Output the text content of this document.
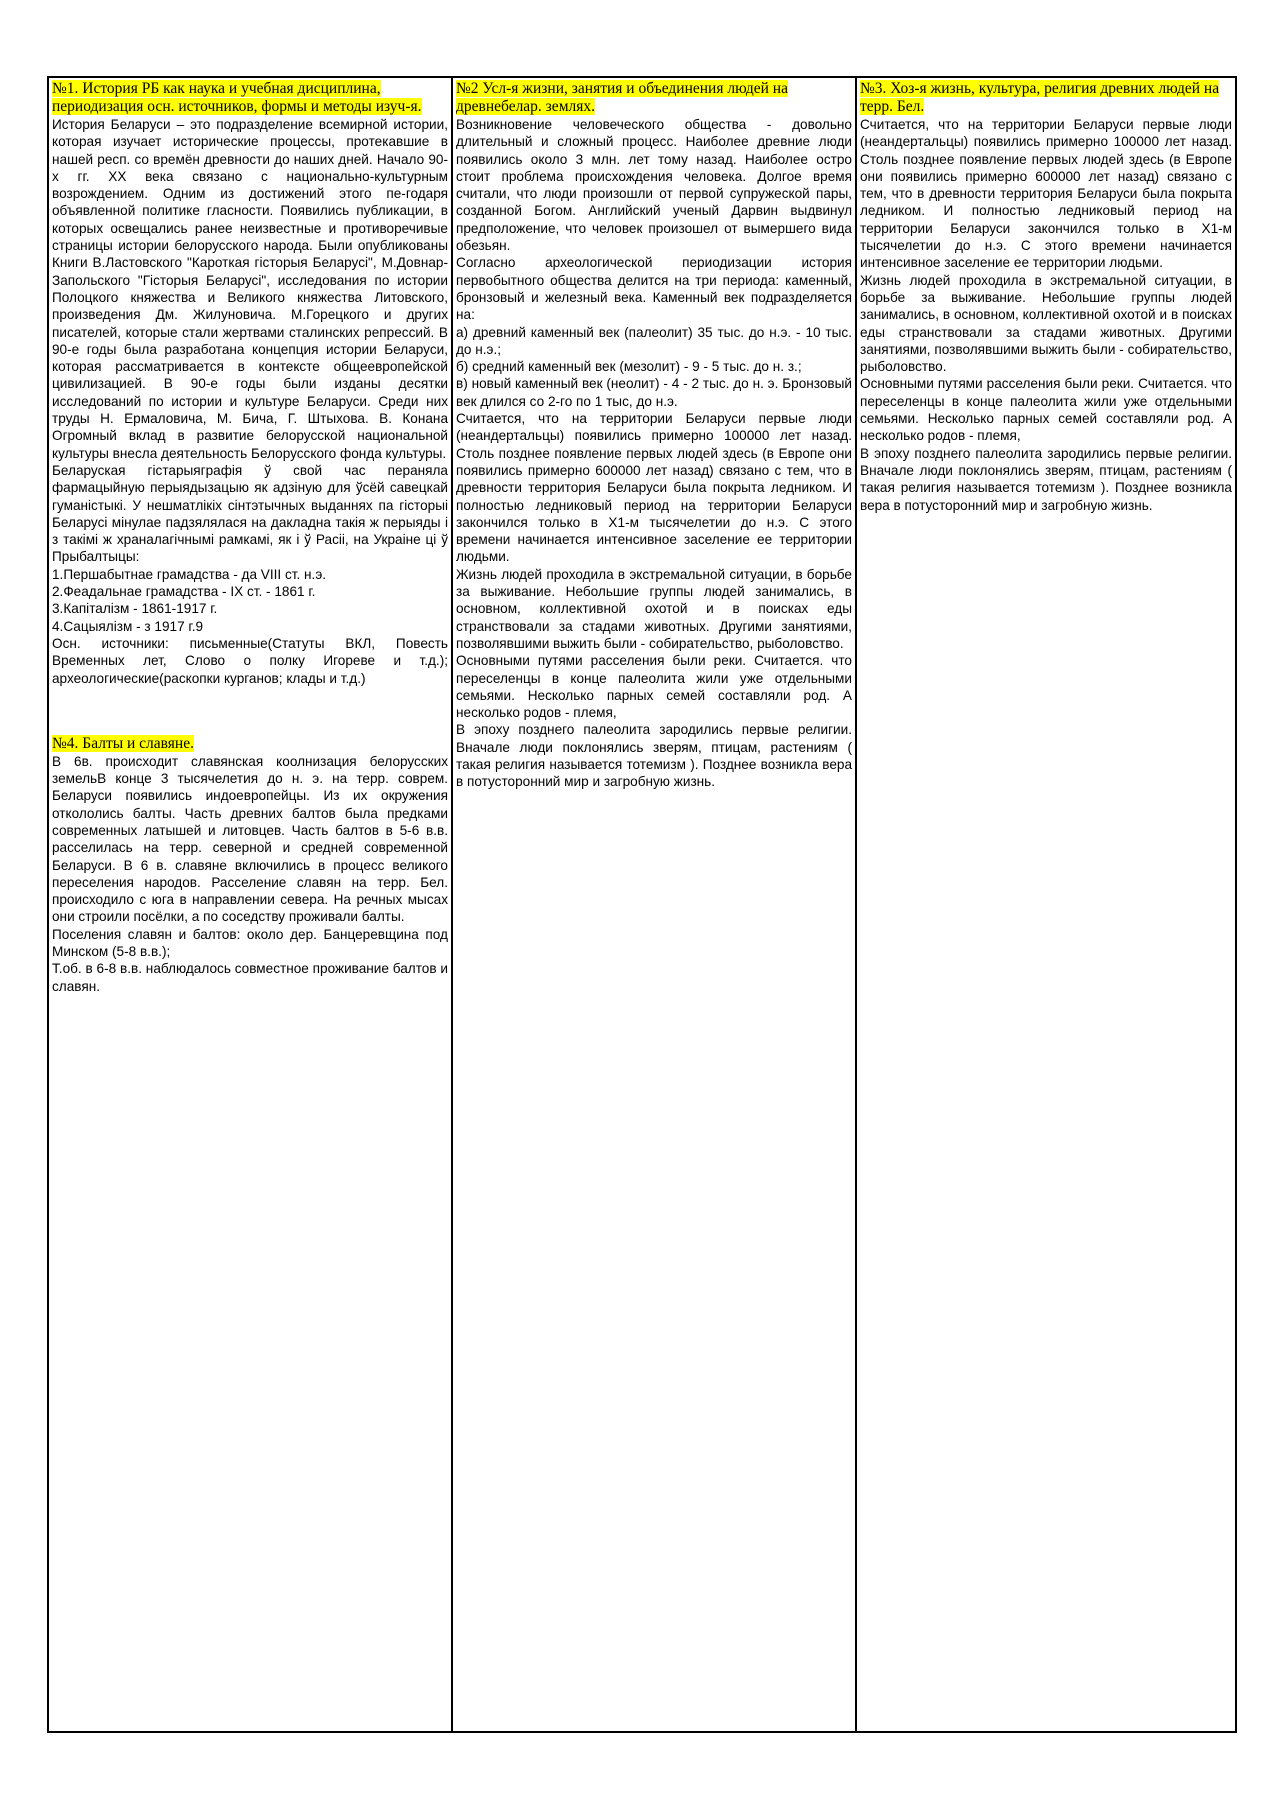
№1. История РБ как наука и учебная дисциплина, периодизация осн. источников, формы и методы изуч-я.

История Беларуси – это подразделение всемирной истории, которая изучает исторические процессы, протекавшие в нашей респ. со времён древности до наших дней. Начало 90-х гг. XX века связано с национально-культурным возрождением. Одним из достижений этого пе-годаря объявленной политике гласности. Появились публикации, в которых освещались ранее неизвестные и противоречивые страницы истории белорусского народа. Были опубликованы Книги В.Ластовского "Кароткая гісторыя Беларусі", М.Довнар-Запольского "Гісторыя Беларусі", исследования по истории Полоцкого княжества и Великого княжества Литовского, произведения Дм. Жилуновича. М.Горецкого и других писателей, которые стали жертвами сталинских репрессий. В 90-е годы была разработана концепция истории Беларуси, которая рассматривается в контексте общеевропейской цивилизацией. В 90-е годы были изданы десятки исследований по истории и культуре Беларуси. Среди них труды Н. Ермаловича, М. Бича, Г. Штыхова. В. Конана Огромный вклад в развитие белорусской национальной культуры внесла деятельность Белорусского фонда культуры.

Беларуская гістарыяграфія ў свой час пераняла фармацыйную перыядызацыю як адзіную для ўсёй савецкай гуманістыкі. У нешматлікіх сінтэтычных выданнях па гісторыі Беларусі мінулае падзялялася на дакладна такія ж перыяды і з такімі ж храналагічнымі рамкамі, як і ў Расіі, на Украіне ці ў Прыбалтыцы:

1.Першабытнае грамадства - да VIII ст. н.э.

2.Феадальнае грамадства - IX ст. - 1861 г.

3.Капіталізм - 1861-1917 г.

4.Сацыялізм - з 1917 г.9

Осн. источники: письменные(Статуты ВКЛ, Повесть Временных лет, Слово о полку Игореве и т.д.); археологические(раскопки курганов; клады и т.д.)

№4. Балты и славяне.

В 6в. происходит славянская коолнизация белорусских земельВ конце 3 тысячелетия до н. э. на терр. соврем. Беларуси появились индоевропейцы. Из их окружения откололись балты. Часть древних балтов была предками современных латышей и литовцев. Часть балтов в 5-6 в.в. расселилась на терр. северной и средней современной Беларуси. В 6 в. славяне включились в процесс великого переселения народов. Расселение славян на терр. Бел. происходило с юга в направлении севера. На речных мысах они строили посёлки, а по соседству проживали балты.

Поселения славян и балтов: около дер. Банцеревщина под Минском (5-8 в.в.);

Т.об. в 6-8 в.в. наблюдалось совместное проживание балтов и славян.

№2 Усл-я жизни, занятия и объединения людей на древнебелар. землях.

Возникновение человеческого общества - довольно длительный и сложный процесс. Наиболее древние люди появились около 3 млн. лет тому назад. Наиболее остро стоит проблема происхождения человека. Долгое время считали, что люди произошли от первой супружеской пары, созданной Богом. Английский ученый Дарвин выдвинул предположение, что человек произошел от вымершего вида обезьян.

Согласно археологической периодизации история первобытного общества делится на три периода: каменный, бронзовый и железный века. Каменный век подразделяется на:

а) древний каменный век (палеолит) 35 тыс. до н.э. - 10 тыс. до н.э.;

б) средний каменный век (мезолит) - 9 - 5 тыс. до н. з.;

в) новый каменный век (неолит) - 4 - 2 тыс. до н. э. Бронзовый век длился со 2-го по 1 тыс, до н.э.

Считается, что на территории Беларуси первые люди (неандертальцы) появились примерно 100000 лет назад. Столь позднее появление первых людей здесь (в Европе они появились примерно 600000 лет назад) связано с тем, что в древности территория Беларуси была покрыта ледником. И полностью ледниковый период на территории Беларуси закончился только в X1-м тысячелетии до н.э. С этого времени начинается интенсивное заселение ее территории людьми.

Жизнь людей проходила в экстремальной ситуации, в борьбе за выживание. Небольшие группы людей занимались, в основном, коллективной охотой и в поисках еды странствовали за стадами животных. Другими занятиями, позволявшими выжить были - собирательство, рыболовство.

Основными путями расселения были реки. Считается. что переселенцы в конце палеолита жили уже отдельными семьями. Несколько парных семей составляли род. А несколько родов - племя,

В эпоху позднего палеолита зародились первые религии. Вначале люди поклонялись зверям, птицам, растениям ( такая религия называется тотемизм ). Позднее возникла вера в потусторонний мир и загробную жизнь.

№3. Хоз-я жизнь, культура, религия древних людей на терр. Бел.

Считается, что на территории Беларуси первые люди (неандертальцы) появились примерно 100000 лет назад. Столь позднее появление первых людей здесь (в Европе они появились примерно 600000 лет назад) связано с тем, что в древности территория Беларуси была покрыта ледником. И полностью ледниковый период на территории Беларуси закончился только в X1-м тысячелетии до н.э. С этого времени начинается интенсивное заселение ее территории людьми.

Жизнь людей проходила в экстремальной ситуации, в борьбе за выживание. Небольшие группы людей занимались, в основном, коллективной охотой и в поисках еды странствовали за стадами животных. Другими занятиями, позволявшими выжить были - собирательство, рыболовство.

Основными путями расселения были реки. Считается. что переселенцы в конце палеолита жили уже отдельными семьями. Несколько парных семей составляли род. А несколько родов - племя,

В эпоху позднего палеолита зародились первые религии. Вначале люди поклонялись зверям, птицам, растениям ( такая религия называется тотемизм ). Позднее возникла вера в потусторонний мир и загробную жизнь.
